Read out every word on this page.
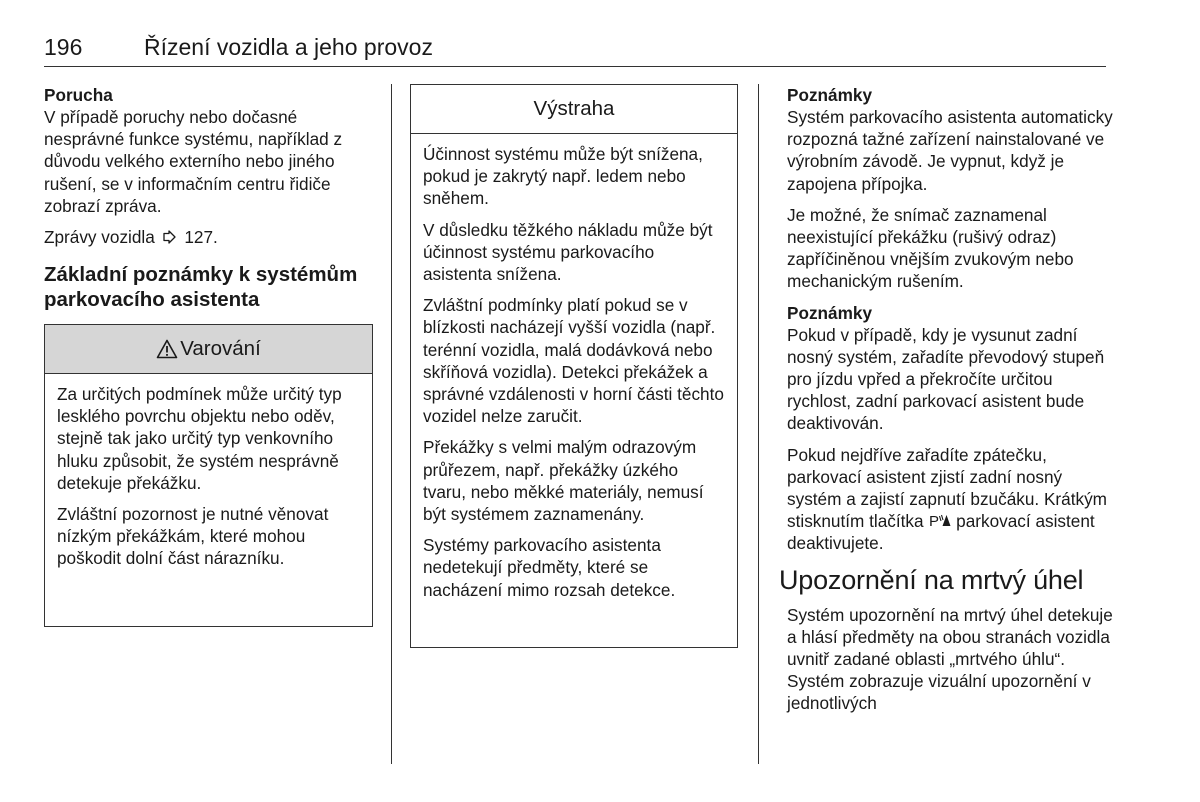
196	Řízení vozidla a jeho provoz
Porucha
V případě poruchy nebo dočasné nesprávné funkce systému, například z důvodu velkého externího nebo jiného rušení, se v informačním centru řidiče zobrazí zpráva.
Zprávy vozidla 127.
Základní poznámky k systémům parkovacího asistenta
Varování
Za určitých podmínek může určitý typ lesklého povrchu objektu nebo oděv, stejně tak jako určitý typ venkovního hluku způsobit, že systém nesprávně detekuje překážku.
Zvláštní pozornost je nutné věnovat nízkým překážkám, které mohou poškodit dolní část nárazníku.
Výstraha
Účinnost systému může být snížena, pokud je zakrytý např. ledem nebo sněhem.
V důsledku těžkého nákladu může být účinnost systému parkovacího asistenta snížena.
Zvláštní podmínky platí pokud se v blízkosti nacházejí vyšší vozidla (např. terénní vozidla, malá dodávková nebo skříňová vozidla). Detekci překážek a správné vzdálenosti v horní části těchto vozidel nelze zaručit.
Překážky s velmi malým odrazovým průřezem, např. překážky úzkého tvaru, nebo měkké materiály, nemusí být systémem zaznamenány.
Systémy parkovacího asistenta nedetekují předměty, které se nacházení mimo rozsah detekce.
Poznámky
Systém parkovacího asistenta automaticky rozpozná tažné zařízení nainstalované ve výrobním závodě. Je vypnut, když je zapojena přípojka.
Je možné, že snímač zaznamenal neexistující překážku (rušivý odraz) zapříčiněnou vnějším zvukovým nebo mechanickým rušením.
Poznámky
Pokud v případě, kdy je vysunut zadní nosný systém, zařadíte převodový stupeň pro jízdu vpřed a překročíte určitou rychlost, zadní parkovací asistent bude deaktivován.
Pokud nejdříve zařadíte zpátečku, parkovací asistent zjistí zadní nosný systém a zajistí zapnutí bzučáku. Krátkým stisknutím tlačítka P parkovací asistent deaktivujete.
Upozornění na mrtvý úhel
Systém upozornění na mrtvý úhel detekuje a hlásí předměty na obou stranách vozidla uvnitř zadané oblasti „mrtvého úhlu“. Systém zobrazuje vizuální upozornění v jednotlivých
